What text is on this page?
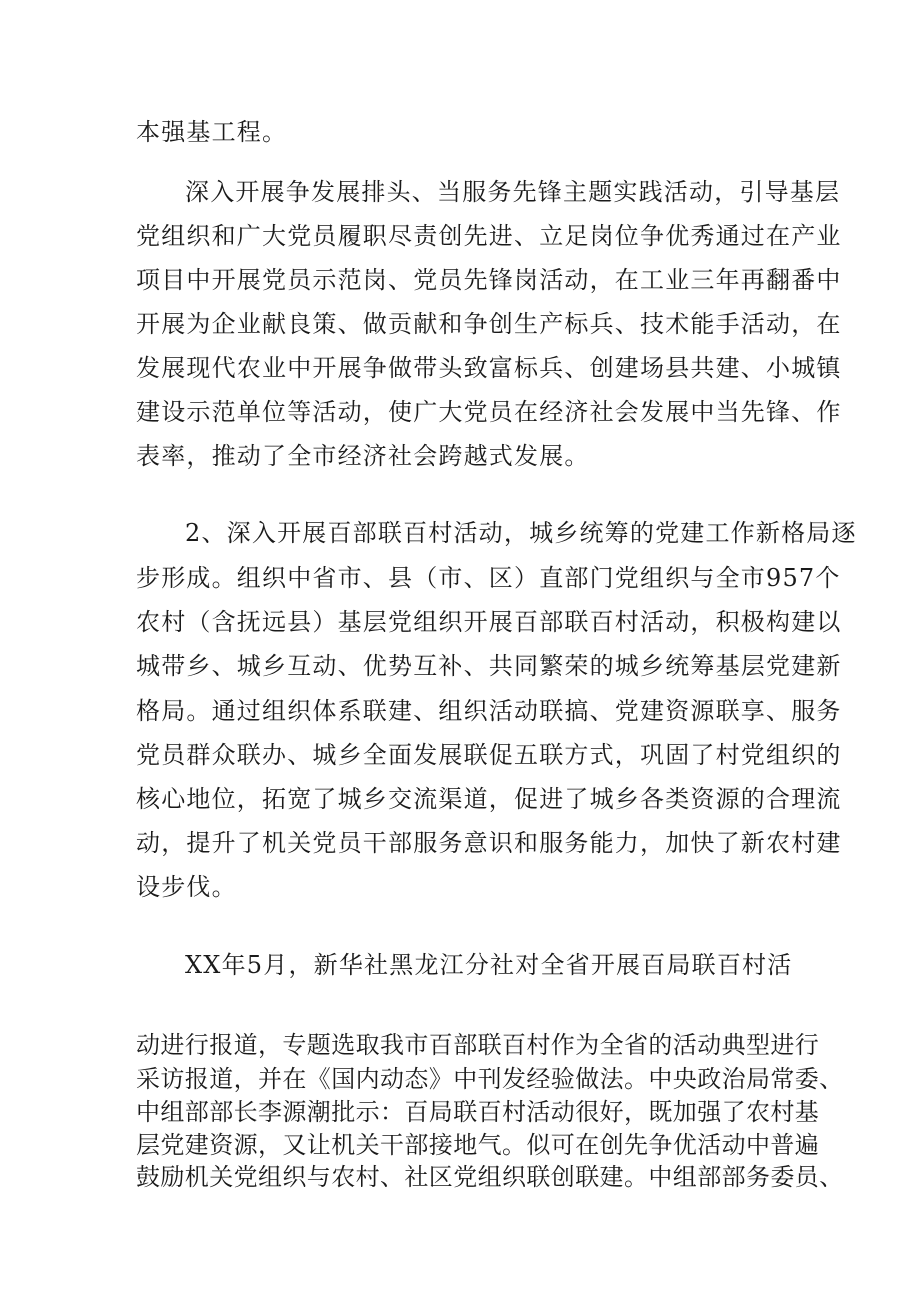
本强基工程。
深入开展争发展排头、当服务先锋主题实践活动，引导基层
党组织和广大党员履职尽责创先进、立足岗位争优秀通过在产业
项目中开展党员示范岗、党员先锋岗活动，在工业三年再翻番中
开展为企业献良策、做贡献和争创生产标兵、技术能手活动，在
发展现代农业中开展争做带头致富标兵、创建场县共建、小城镇
建设示范单位等活动，使广大党员在经济社会发展中当先锋、作
表率，推动了全市经济社会跨越式发展。
2、深入开展百部联百村活动，城乡统筹的党建工作新格局逐
步形成。组织中省市、县（市、区）直部门党组织与全市957个
农村（含抚远县）基层党组织开展百部联百村活动，积极构建以
城带乡、城乡互动、优势互补、共同繁荣的城乡统筹基层党建新
格局。通过组织体系联建、组织活动联搞、党建资源联享、服务
党员群众联办、城乡全面发展联促五联方式，巩固了村党组织的
核心地位，拓宽了城乡交流渠道，促进了城乡各类资源的合理流
动，提升了机关党员干部服务意识和服务能力，加快了新农村建
设步伐。
XX年5月，新华社黑龙江分社对全省开展百局联百村活
动进行报道，专题选取我市百部联百村作为全省的活动典型进行
采访报道，并在《国内动态》中刊发经验做法。中央政治局常委、
中组部部长李源潮批示：百局联百村活动很好，既加强了农村基
层党建资源，又让机关干部接地气。似可在创先争优活动中普遍
鼓励机关党组织与农村、社区党组织联创联建。中组部部务委员、
